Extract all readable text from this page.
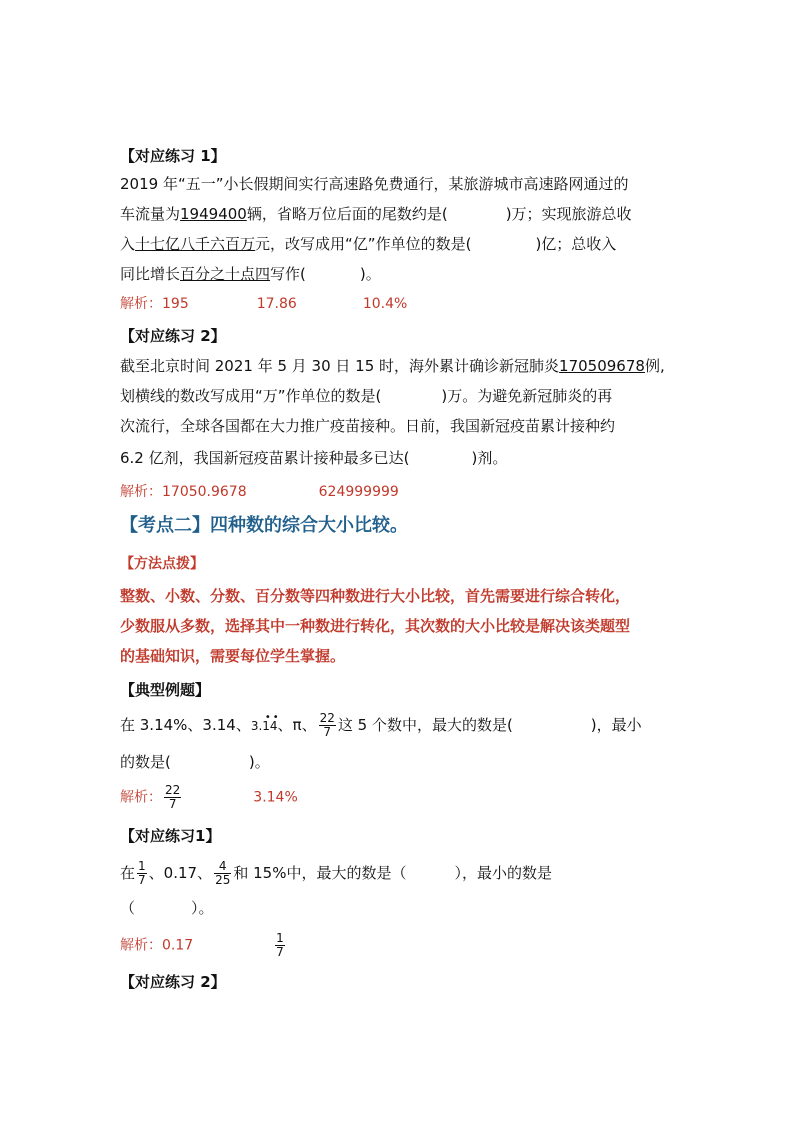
【对应练习 1】
2019 年“五一”小长假期间实行高速路免费通行，某旅游城市高速路网通过的
车流量为1949400辆，省略万位后面的尾数约是(	)万；实现旅游总收
入十七亿八千六百万元，改写成用“亿”作单位的数是(	)亿；总收入
同比增长百分之十点四写作(	)。
解析：195	17.86	10.4%
【对应练习 2】
截至北京时间 2021 年 5 月 30 日 15 时，海外累计确诊新冠肺炎170509678例,
划横线的数改写成用“万”作单位的数是(	)万。为避免新冠肺炎的再
次流行，全球各国都在大力推广疫苗接种。日前，我国新冠疫苗累计接种约
6.2 亿剂，我国新冠疫苗累计接种最多已达(	)剂。
解析：17050.9678	624999999
【考点二】四种数的综合大小比较。
【方法点拨】
整数、小数、分数、百分数等四种数进行大小比较，首先需要进行综合转化，
少数服从多数，选择其中一种数进行转化，其次数的大小比较是解决该类题型
的基础知识，需要每位学生掌握。
【典型例题】
在 3.14%、3.14、3.14
••
、π、 $\frac{22}{7}$ 这 5 个数中，最大的数是(	)，最小
的数是(	)。
解析： $\frac{22}{7}$	3.14%
【对应练习1】
在 $\frac{1}{7}$ 、0.17、 $\frac{4}{25}$ 和 15%中，最大的数是（	），最小的数是
（	）。
解析：0.17	$\frac{1}{7}$
【对应练习 2】
